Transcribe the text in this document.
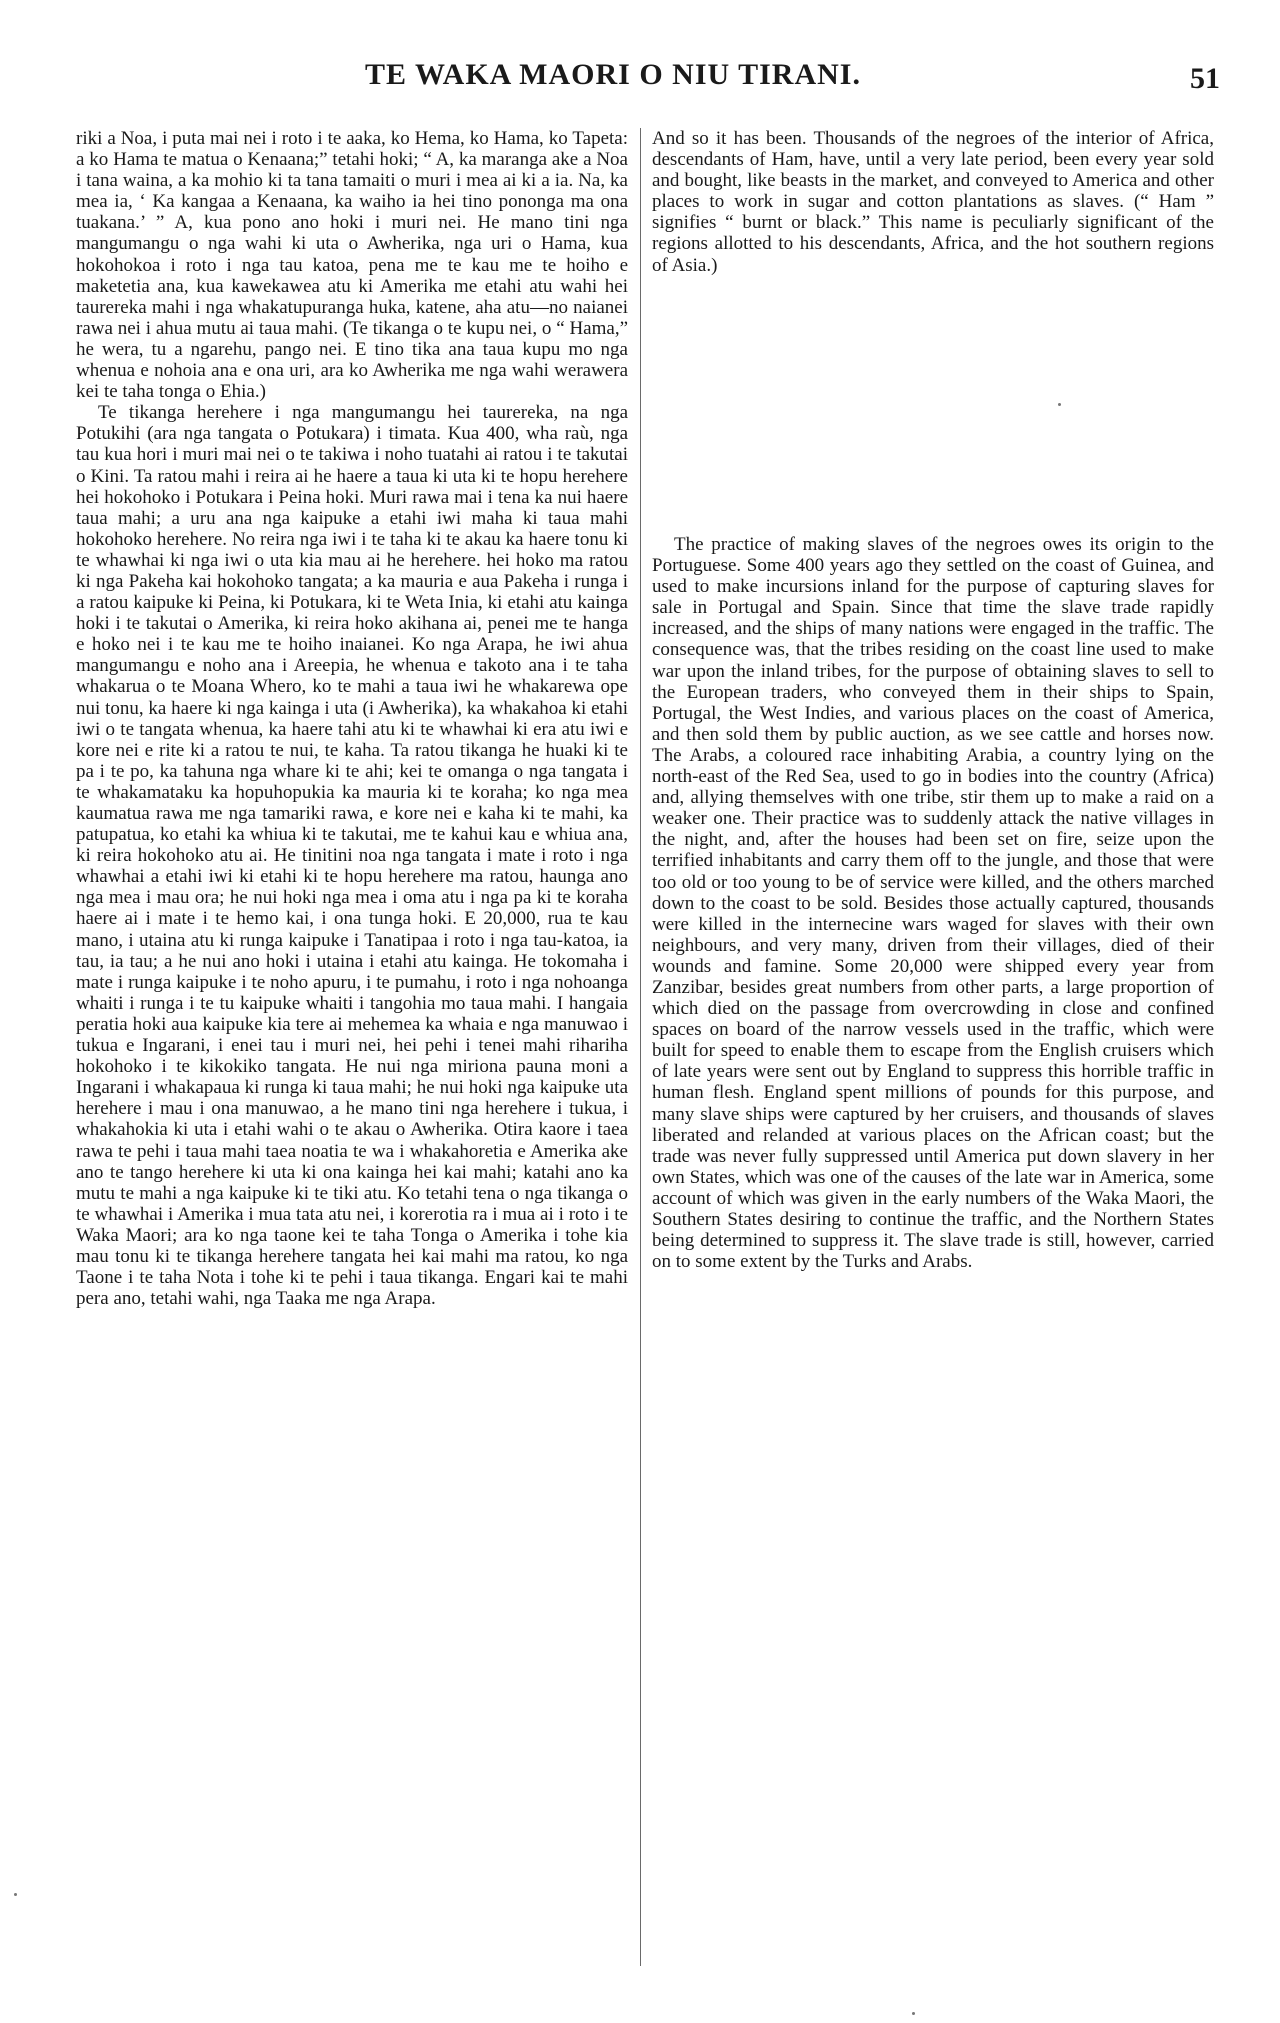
TE WAKA MAORI O NIU TIRANI.	51

riki a Noa, i puta mai nei i roto i te aaka, ko Hema, ko Hama, ko Tapeta: a ko Hama te matua o Kenaana;” tetahi hoki; “ A, ka maranga ake a Noa i tana waina, a ka mohio ki ta tana tamaiti o muri i mea ai ki a ia. Na, ka mea ia, ‘ Ka kangaa a Kenaana, ka waiho ia hei tino pononga ma ona tuakana.’ ” A, kua pono ano hoki i muri nei. He mano tini nga mangumangu o nga wahi ki uta o Awherika, nga uri o Hama, kua hokohokoa i roto i nga tau katoa, pena me te kau me te hoiho e maketetia ana, kua kawekawea atu ki Amerika me etahi atu wahi hei taurereka mahi i nga whakatupuranga huka, katene, aha atu—no naianei rawa nei i ahua mutu ai taua mahi. (Te tikanga o te kupu nei, o “ Hama,” he wera, tu a ngarehu, pango nei. E tino tika ana taua kupu mo nga whenua e nohoia ana e ona uri, ara ko Awherika me nga wahi werawera kei te taha tonga o Ehia.)

Te tikanga herehere i nga mangumangu hei taurereka, na nga Potukihi (ara nga tangata o Potukara) i timata. Kua 400, wha raù, nga tau kua hori i muri mai nei o te takiwa i noho tuatahi ai ratou i te takutai o Kini. Ta ratou mahi i reira ai he haere a taua ki uta ki te hopu herehere hei hokohoko i Potukara i Peina hoki. Muri rawa mai i tena ka nui haere taua mahi; a uru ana nga kaipuke a etahi iwi maha ki taua mahi hokohoko herehere. No reira nga iwi i te taha ki te akau ka haere tonu ki te whawhai ki nga iwi o uta kia mau ai he herehere. hei hoko ma ratou ki nga Pakeha kai hokohoko tangata; a ka mauria e aua Pakeha i runga i a ratou kaipuke ki Peina, ki Potukara, ki te Weta Inia, ki etahi atu kainga hoki i te takutai o Amerika, ki reira hoko akihana ai, penei me te hanga e hoko nei i te kau me te hoiho inaianei. Ko nga Arapa, he iwi ahua mangumangu e noho ana i Areepia, he whenua e takoto ana i te taha whakarua o te Moana Whero, ko te mahi a taua iwi he whakarewa ope nui tonu, ka haere ki nga kainga i uta (i Awherika), ka whakahoa ki etahi iwi o te tangata whenua, ka haere tahi atu ki te whawhai ki era atu iwi e kore nei e rite ki a ratou te nui, te kaha. Ta ratou tikanga he huaki ki te pa i te po, ka tahuna nga whare ki te ahi; kei te omanga o nga tangata i te whakamataku ka hopuhopukia ka mauria ki te koraha; ko nga mea kaumatua rawa me nga tamariki rawa, e kore nei e kaha ki te mahi, ka patupatua, ko etahi ka whiua ki te takutai, me te kahui kau e whiua ana, ki reira hokohoko atu ai. He tinitini noa nga tangata i mate i roto i nga whawhai a etahi iwi ki etahi ki te hopu herehere ma ratou, haunga ano nga mea i mau ora; he nui hoki nga mea i oma atu i nga pa ki te koraha haere ai i mate i te hemo kai, i ona tunga hoki. E 20,000, rua te kau mano, i utaina atu ki runga kaipuke i Tanatipaa i roto i nga tau-katoa, ia tau, ia tau; a he nui ano hoki i utaina i etahi atu kainga. He tokomaha i mate i runga kaipuke i te noho apuru, i te pumahu, i roto i nga nohoanga whaiti i runga i te tu kaipuke whaiti i tangohia mo taua mahi. I hangaia peratia hoki aua kaipuke kia tere ai mehemea ka whaia e nga manuwao i tukua e Ingarani, i enei tau i muri nei, hei pehi i tenei mahi rihariha hokohoko i te kikokiko tangata. He nui nga miriona pauna moni a Ingarani i whakapaua ki runga ki taua mahi; he nui hoki nga kaipuke uta herehere i mau i ona manuwao, a he mano tini nga herehere i tukua, i whakahokia ki uta i etahi wahi o te akau o Awherika. Otira kaore i taea rawa te pehi i taua mahi taea noatia te wa i whakahoretia e Amerika ake ano te tango herehere ki uta ki ona kainga hei kai mahi; katahi ano ka mutu te mahi a nga kaipuke ki te tiki atu. Ko tetahi tena o nga tikanga o te whawhai i Amerika i mua tata atu nei, i korerotia ra i mua ai i roto i te Waka Maori; ara ko nga taone kei te taha Tonga o Amerika i tohe kia mau tonu ki te tikanga herehere tangata hei kai mahi ma ratou, ko nga Taone i te taha Nota i tohe ki te pehi i taua tikanga. Engari kai te mahi pera ano, tetahi wahi, nga Taaka me nga Arapa.

And so it has been. Thousands of the negroes of the interior of Africa, descendants of Ham, have, until a very late period, been every year sold and bought, like beasts in the market, and conveyed to America and other places to work in sugar and cotton plantations as slaves. (“ Ham ” signifies “ burnt or black.” This name is peculiarly significant of the regions allotted to his descendants, Africa, and the hot southern regions of Asia.)

The practice of making slaves of the negroes owes its origin to the Portuguese. Some 400 years ago they settled on the coast of Guinea, and used to make incursions inland for the purpose of capturing slaves for sale in Portugal and Spain. Since that time the slave trade rapidly increased, and the ships of many nations were engaged in the traffic. The consequence was, that the tribes residing on the coast line used to make war upon the inland tribes, for the purpose of obtaining slaves to sell to the European traders, who conveyed them in their ships to Spain, Portugal, the West Indies, and various places on the coast of America, and then sold them by public auction, as we see cattle and horses now. The Arabs, a coloured race inhabiting Arabia, a country lying on the north-east of the Red Sea, used to go in bodies into the country (Africa) and, allying themselves with one tribe, stir them up to make a raid on a weaker one. Their practice was to suddenly attack the native villages in the night, and, after the houses had been set on fire, seize upon the terrified inhabitants and carry them off to the jungle, and those that were too old or too young to be of service were killed, and the others marched down to the coast to be sold. Besides those actually captured, thousands were killed in the internecine wars waged for slaves with their own neighbours, and very many, driven from their villages, died of their wounds and famine. Some 20,000 were shipped every year from Zanzibar, besides great numbers from other parts, a large proportion of which died on the passage from overcrowding in close and confined spaces on board of the narrow vessels used in the traffic, which were built for speed to enable them to escape from the English cruisers which of late years were sent out by England to suppress this horrible traffic in human flesh. England spent millions of pounds for this purpose, and many slave ships were captured by her cruisers, and thousands of slaves liberated and relanded at various places on the African coast; but the trade was never fully suppressed until America put down slavery in her own States, which was one of the causes of the late war in America, some account of which was given in the early numbers of the Waka Maori, the Southern States desiring to continue the traffic, and the Northern States being determined to suppress it. The slave trade is still, however, carried on to some extent by the Turks and Arabs.
